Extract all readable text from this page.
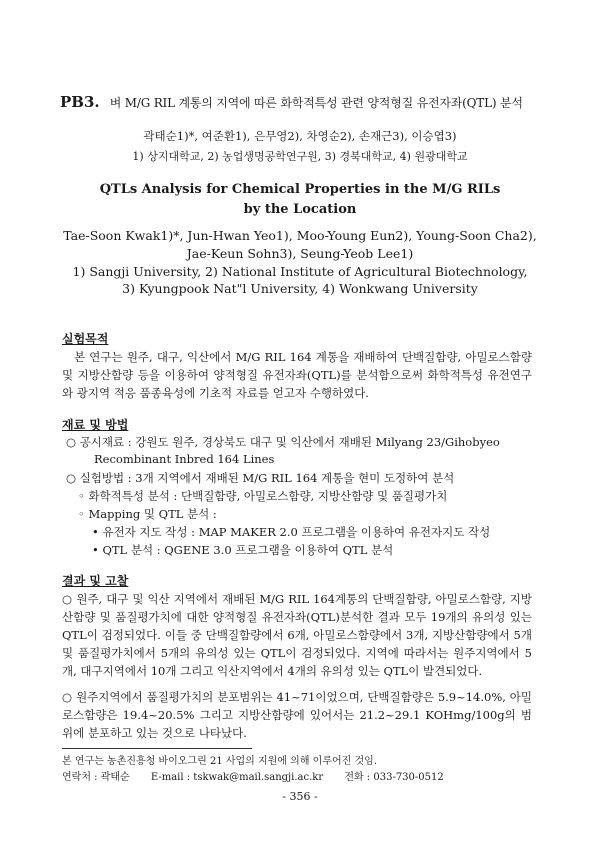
PB3. 벼 M/G RIL 계통의 지역에 따른 화학적특성 관련 양적형질 유전자좌(QTL) 분석
곽태순1)*, 여준환1), 은무영2), 차영순2), 손재근3), 이승엽3)
1) 상지대학교, 2) 농업생명공학연구원, 3) 경북대학교, 4) 원광대학교
QTLs Analysis for Chemical Properties in the M/G RILs
by the Location
Tae-Soon Kwak1)*, Jun-Hwan Yeo1), Moo-Young Eun2), Young-Soon Cha2),
Jae-Keun Sohn3), Seung-Yeob Lee1)
1) Sangji University, 2) National Institute of Agricultural Biotechnology,
3) Kyungpook Nat"l University, 4) Wonkwang University
실험목적
본 연구는 원주, 대구, 익산에서 M/G RIL 164 계통을 재배하여 단백질함량, 아밀로스함량 및 지방산함량 등을 이용하여 양적형질 유전자좌(QTL)를 분석함으로써 화학적특성 유전연구와 광지역 적응 품종육성에 기초적 자료를 얻고자 수행하였다.
재료 및 방법
○ 공시재료 : 강원도 원주, 경상북도 대구 및 익산에서 재배된 Milyang 23/Gihobyeo
Recombinant Inbred 164 Lines
○ 실험방법 : 3개 지역에서 재배된 M/G RIL 164 계통을 현미 도정하여 분석
◦ 화학적특성 분석 : 단백질함량, 아밀로스함량, 지방산함량 및 품질평가치
◦ Mapping 및 QTL 분석 :
• 유전자 지도 작성 : MAP MAKER 2.0 프로그램을 이용하여 유전자지도 작성
• QTL 분석 : QGENE 3.0 프로그램을 이용하여 QTL 분석
결과 및 고찰
○ 원주, 대구 및 익산 지역에서 재배된 M/G RIL 164계통의 단백질함량, 아밀로스함량, 지방산함량 및 품질평가치에 대한 양적형질 유전자좌(QTL)분석한 결과 모두 19개의 유의성 있는 QTL이 검정되었다. 이들 중 단백질함량에서 6개, 아밀로스함량에서 3개, 지방산함량에서 5개 및 품질평가치에서 5개의 유의성 있는 QTL이 검정되었다. 지역에 따라서는 원주지역에서 5개, 대구지역에서 10개 그리고 익산지역에서 4개의 유의성 있는 QTL이 발견되었다.
○ 원주지역에서 품질평가치의 분포범위는 41~71이었으며, 단백질함량은 5.9~14.0%, 아밀로스함량은 19.4~20.5% 그리고 지방산함량에 있어서는 21.2~29.1 KOHmg/100g의 범위에 분포하고 있는 것으로 나타났다.
본 연구는 농촌진흥청 바이오그린 21 사업의 지원에 의해 이루어진 것임.
연락처 : 곽태순 E-mail : tskwak@mail.sangji.ac.kr 전화 : 033-730-0512
- 356 -
